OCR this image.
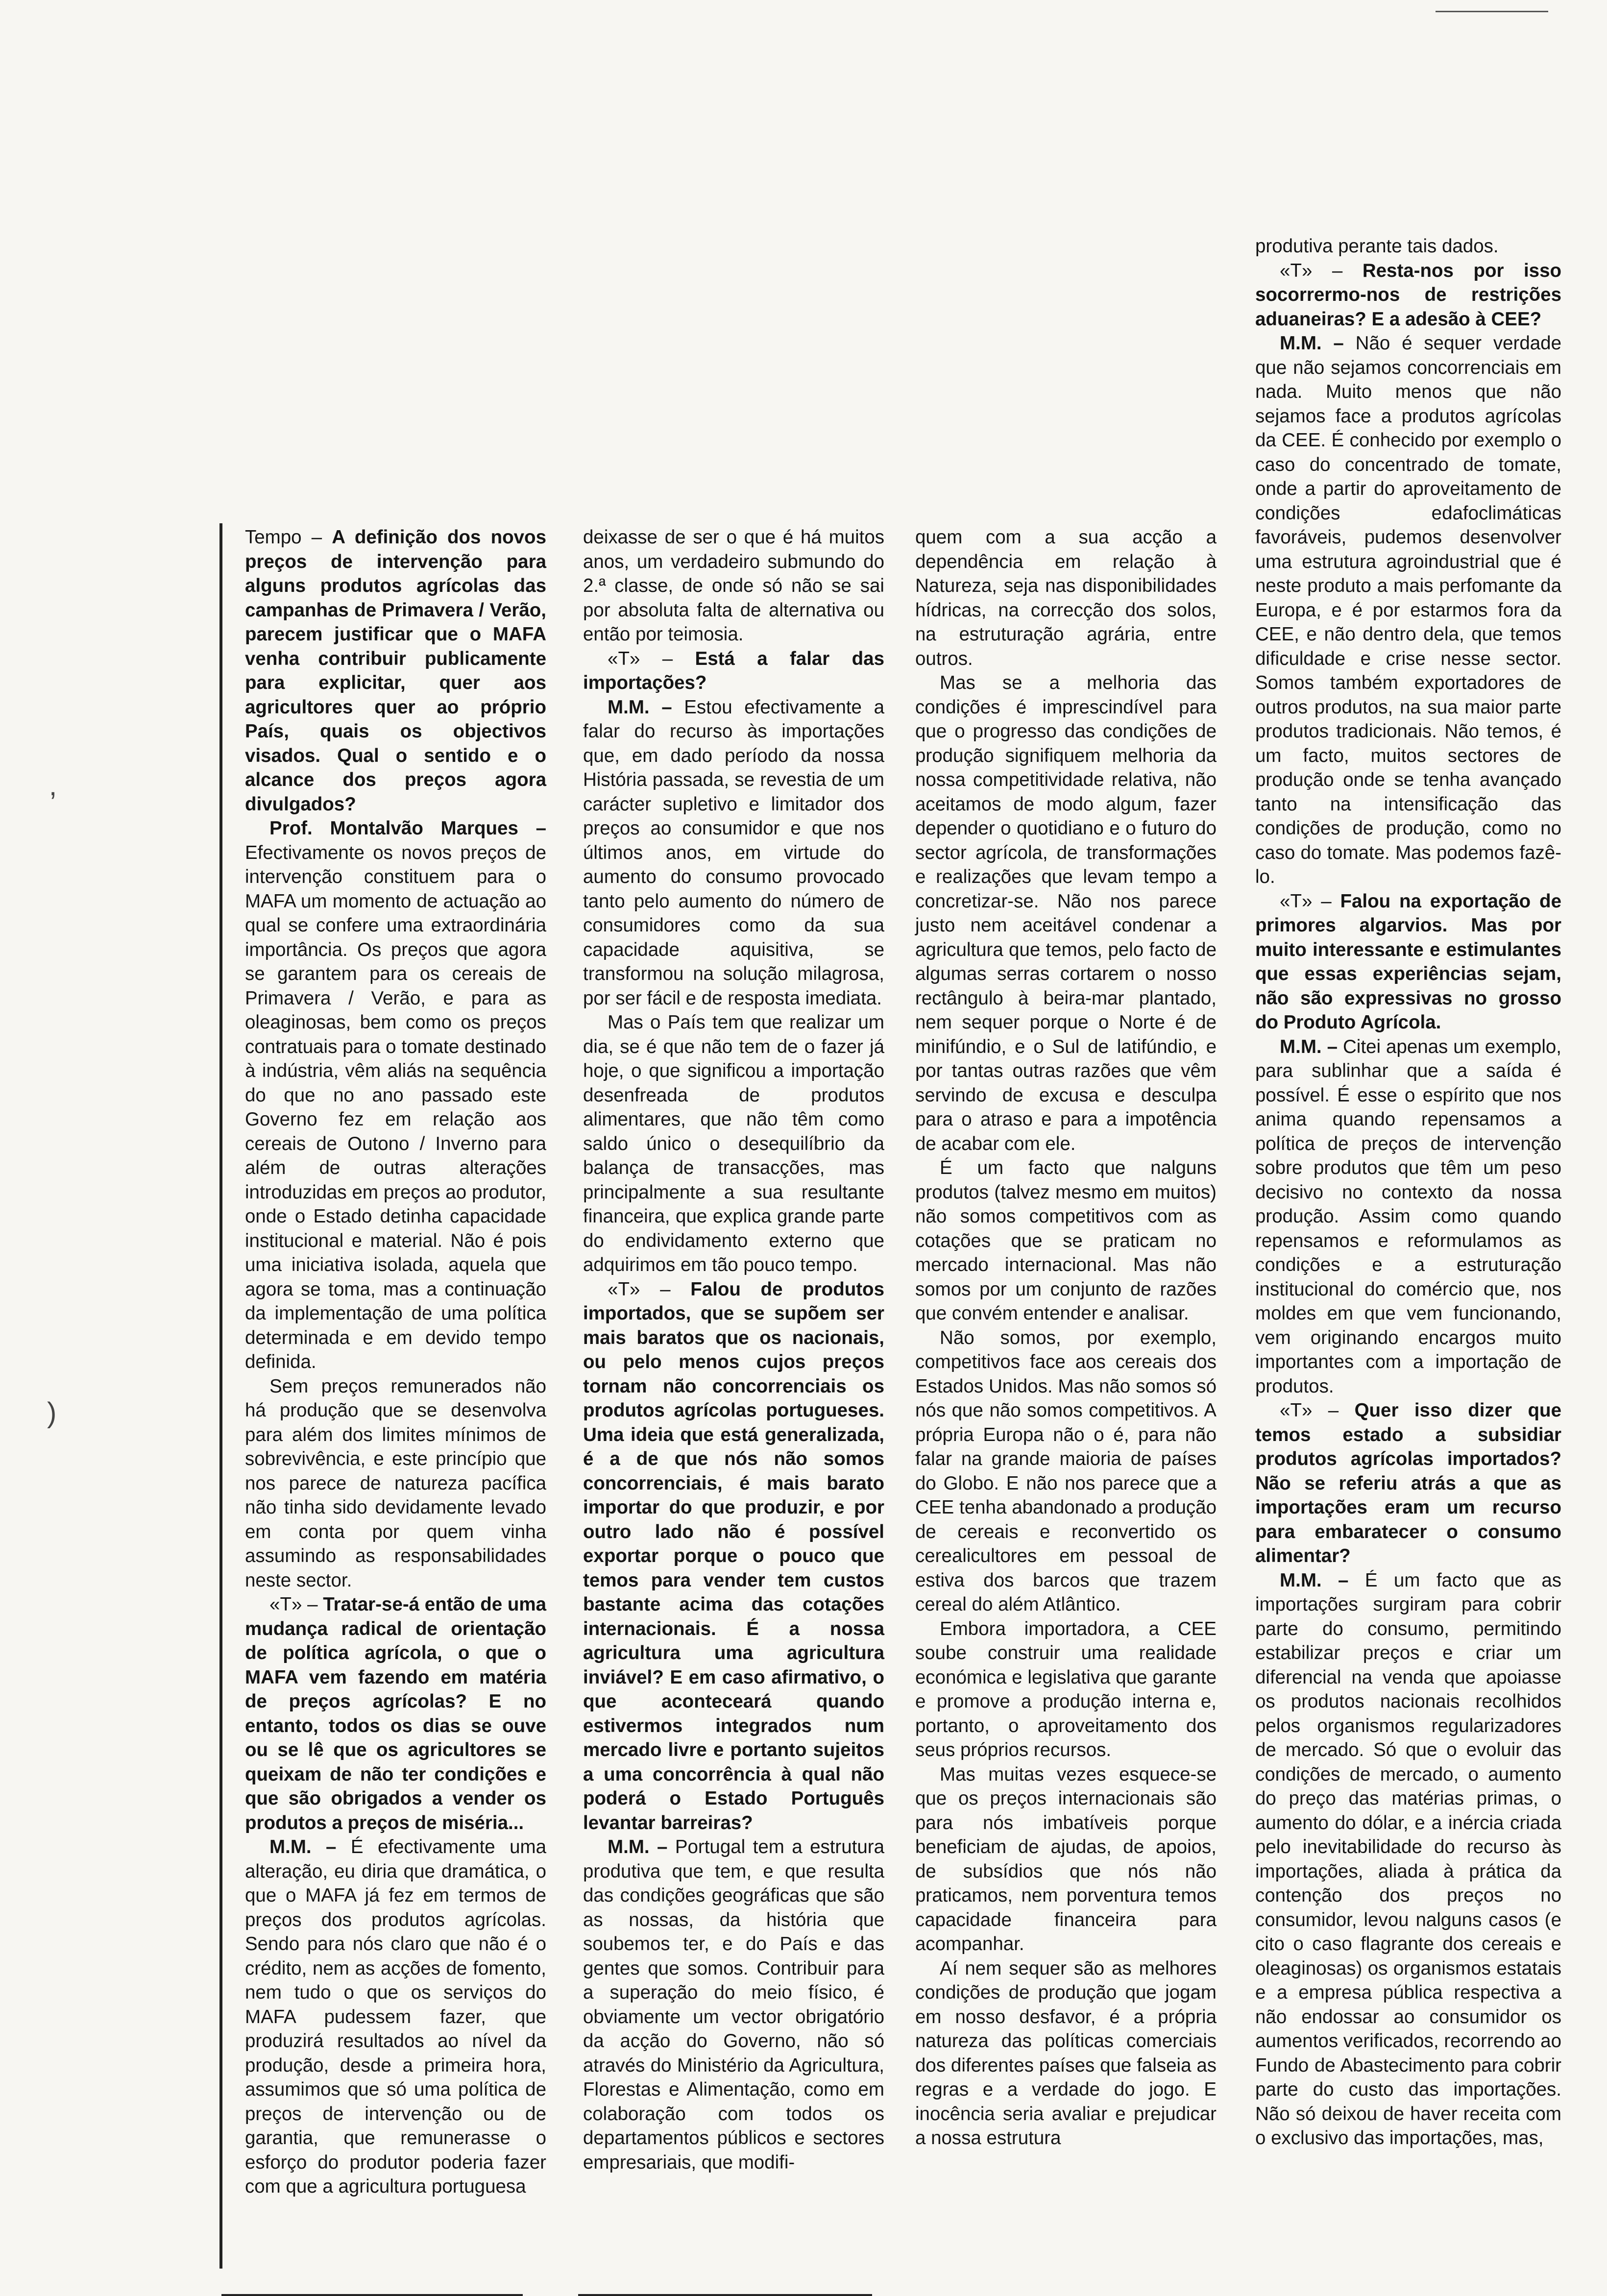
,
)

Tempo – A definição dos novos preços de intervenção para alguns produtos agrícolas das campanhas de Primavera / Verão, parecem justificar que o MAFA venha contribuir publicamente para explicitar, quer aos agricultores quer ao próprio País, quais os objectivos visados. Qual o sentido e o alcance dos preços agora divulgados?

Prof. Montalvão Marques – Efectivamente os novos preços de intervenção constituem para o MAFA um momento de actuação ao qual se confere uma extraordinária importância. Os preços que agora se garantem para os cereais de Primavera / Verão, e para as oleaginosas, bem como os preços contratuais para o tomate destinado à indústria, vêm aliás na sequência do que no ano passado este Governo fez em relação aos cereais de Outono / Inverno para além de outras alterações introduzidas em preços ao produtor, onde o Estado detinha capacidade institucional e material. Não é pois uma iniciativa isolada, aquela que agora se toma, mas a continuação da implementação de uma política determinada e em devido tempo definida.

Sem preços remunerados não há produção que se desenvolva para além dos limites mínimos de sobrevivência, e este princípio que nos parece de natureza pacífica não tinha sido devidamente levado em conta por quem vinha assumindo as responsabilidades neste sector.

«T» – Tratar-se-á então de uma mudança radical de orientação de política agrícola, o que o MAFA vem fazendo em matéria de preços agrícolas? E no entanto, todos os dias se ouve ou se lê que os agricultores se queixam de não ter condições e que são obrigados a vender os produtos a preços de miséria...

M.M. – É efectivamente uma alteração, eu diria que dramática, o que o MAFA já fez em termos de preços dos produtos agrícolas. Sendo para nós claro que não é o crédito, nem as acções de fomento, nem tudo o que os serviços do MAFA pudessem fazer, que produzirá resultados ao nível da produção, desde a primeira hora, assumimos que só uma política de preços de intervenção ou de garantia, que remunerasse o esforço do produtor poderia fazer com que a agricultura portuguesa

deixasse de ser o que é há muitos anos, um verdadeiro submundo do 2.ª classe, de onde só não se sai por absoluta falta de alternativa ou então por teimosia.

«T» – Está a falar das importações?

M.M. – Estou efectivamente a falar do recurso às importações que, em dado período da nossa História passada, se revestia de um carácter supletivo e limitador dos preços ao consumidor e que nos últimos anos, em virtude do aumento do consumo provocado tanto pelo aumento do número de consumidores como da sua capacidade aquisitiva, se transformou na solução milagrosa, por ser fácil e de resposta imediata.

Mas o País tem que realizar um dia, se é que não tem de o fazer já hoje, o que significou a importação desenfreada de produtos alimentares, que não têm como saldo único o desequilíbrio da balança de transacções, mas principalmente a sua resultante financeira, que explica grande parte do endividamento externo que adquirimos em tão pouco tempo.

«T» – Falou de produtos importados, que se supõem ser mais baratos que os nacionais, ou pelo menos cujos preços tornam não concorrenciais os produtos agrícolas portugueses. Uma ideia que está generalizada, é a de que nós não somos concorrenciais, é mais barato importar do que produzir, e por outro lado não é possível exportar porque o pouco que temos para vender tem custos bastante acima das cotações internacionais. É a nossa agricultura uma agricultura inviável? E em caso afirmativo, o que aconteceará quando estivermos integrados num mercado livre e portanto sujeitos a uma concorrência à qual não poderá o Estado Português levantar barreiras?

M.M. – Portugal tem a estrutura produtiva que tem, e que resulta das condições geográficas que são as nossas, da história que soubemos ter, e do País e das gentes que somos. Contribuir para a superação do meio físico, é obviamente um vector obrigatório da acção do Governo, não só através do Ministério da Agricultura, Florestas e Alimentação, como em colaboração com todos os departamentos públicos e sectores empresariais, que modifi-

quem com a sua acção a dependência em relação à Natureza, seja nas disponibilidades hídricas, na correcção dos solos, na estruturação agrária, entre outros.

Mas se a melhoria das condições é imprescindível para que o progresso das condições de produção signifiquem melhoria da nossa competitividade relativa, não aceitamos de modo algum, fazer depender o quotidiano e o futuro do sector agrícola, de transformações e realizações que levam tempo a concretizar-se. Não nos parece justo nem aceitável condenar a agricultura que temos, pelo facto de algumas serras cortarem o nosso rectângulo à beira-mar plantado, nem sequer porque o Norte é de minifúndio, e o Sul de latifúndio, e por tantas outras razões que vêm servindo de excusa e desculpa para o atraso e para a impotência de acabar com ele.

É um facto que nalguns produtos (talvez mesmo em muitos) não somos competitivos com as cotações que se praticam no mercado internacional. Mas não somos por um conjunto de razões que convém entender e analisar.

Não somos, por exemplo, competitivos face aos cereais dos Estados Unidos. Mas não somos só nós que não somos competitivos. A própria Europa não o é, para não falar na grande maioria de países do Globo. E não nos parece que a CEE tenha abandonado a produção de cereais e reconvertido os cerealicultores em pessoal de estiva dos barcos que trazem cereal do além Atlântico.

Embora importadora, a CEE soube construir uma realidade económica e legislativa que garante e promove a produção interna e, portanto, o aproveitamento dos seus próprios recursos.

Mas muitas vezes esquece-se que os preços internacionais são para nós imbatíveis porque beneficiam de ajudas, de apoios, de subsídios que nós não praticamos, nem porventura temos capacidade financeira para acompanhar.

Aí nem sequer são as melhores condições de produção que jogam em nosso desfavor, é a própria natureza das políticas comerciais dos diferentes países que falseia as regras e a verdade do jogo. E inocência seria avaliar e prejudicar a nossa estrutura

produtiva perante tais dados.

«T» – Resta-nos por isso socorrermo-nos de restrições aduaneiras? E a adesão à CEE?

M.M. – Não é sequer verdade que não sejamos concorrenciais em nada. Muito menos que não sejamos face a produtos agrícolas da CEE. É conhecido por exemplo o caso do concentrado de tomate, onde a partir do aproveitamento de condições edafoclimáticas favoráveis, pudemos desenvolver uma estrutura agroindustrial que é neste produto a mais perfomante da Europa, e é por estarmos fora da CEE, e não dentro dela, que temos dificuldade e crise nesse sector. Somos também exportadores de outros produtos, na sua maior parte produtos tradicionais. Não temos, é um facto, muitos sectores de produção onde se tenha avançado tanto na intensificação das condições de produção, como no caso do tomate. Mas podemos fazê-lo.

«T» – Falou na exportação de primores algarvios. Mas por muito interessante e estimulantes que essas experiências sejam, não são expressivas no grosso do Produto Agrícola.

M.M. – Citei apenas um exemplo, para sublinhar que a saída é possível. É esse o espírito que nos anima quando repensamos a política de preços de intervenção sobre produtos que têm um peso decisivo no contexto da nossa produção. Assim como quando repensamos e reformulamos as condições e a estruturação institucional do comércio que, nos moldes em que vem funcionando, vem originando encargos muito importantes com a importação de produtos.

«T» – Quer isso dizer que temos estado a subsidiar produtos agrícolas importados? Não se referiu atrás a que as importações eram um recurso para embaratecer o consumo alimentar?

M.M. – É um facto que as importações surgiram para cobrir parte do consumo, permitindo estabilizar preços e criar um diferencial na venda que apoiasse os produtos nacionais recolhidos pelos organismos regularizadores de mercado. Só que o evoluir das condições de mercado, o aumento do preço das matérias primas, o aumento do dólar, e a inércia criada pelo inevitabilidade do recurso às importações, aliada à prática da contenção dos preços no consumidor, levou nalguns casos (e cito o caso flagrante dos cereais e oleaginosas) os organismos estatais e a empresa pública respectiva a não endossar ao consumidor os aumentos verificados, recorrendo ao Fundo de Abastecimento para cobrir parte do custo das importações. Não só deixou de haver receita com o exclusivo das importações, mas,
